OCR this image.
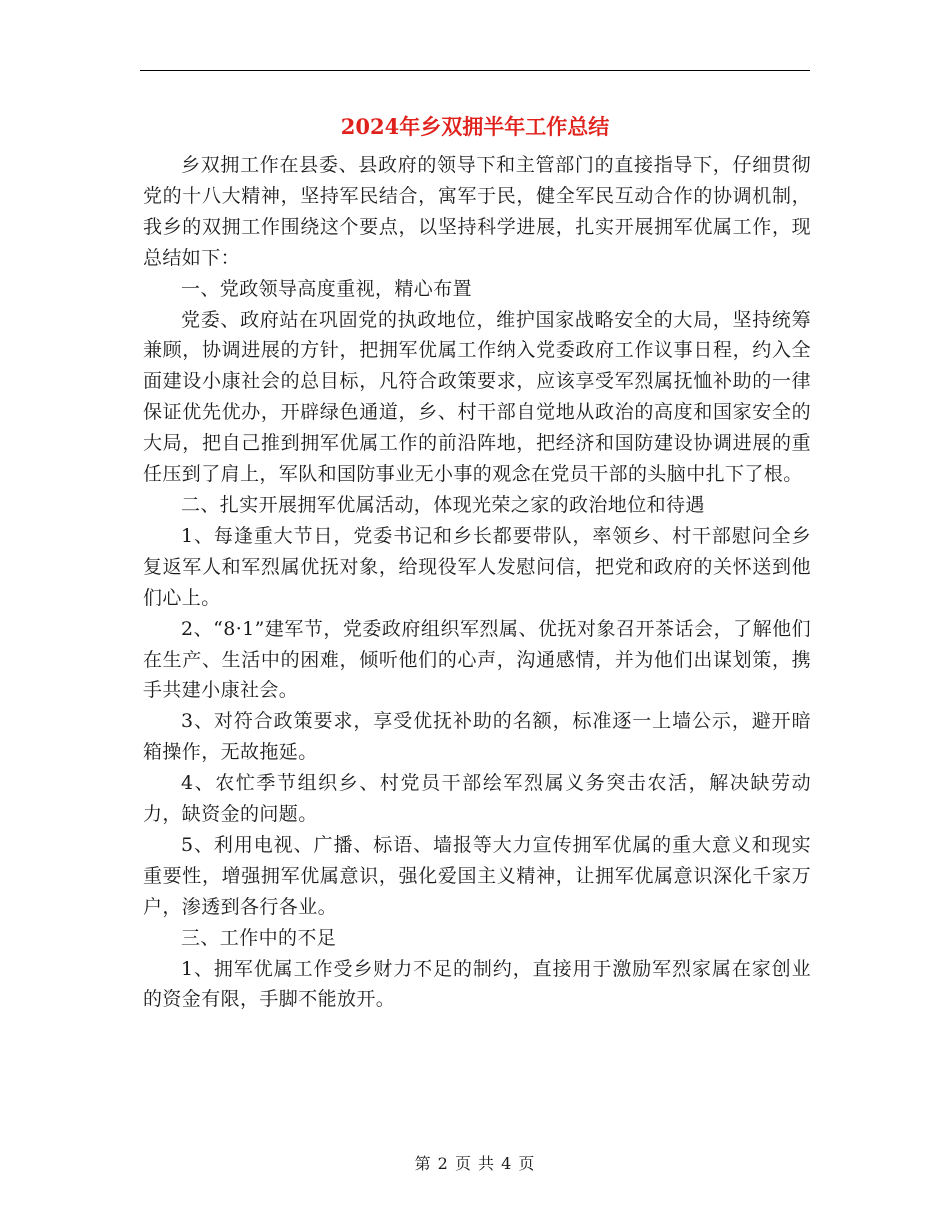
2024年乡双拥半年工作总结

乡双拥工作在县委、县政府的领导下和主管部门的直接指导下，仔细贯彻党的十八大精神，坚持军民结合，寓军于民，健全军民互动合作的协调机制，我乡的双拥工作围绕这个要点，以坚持科学进展，扎实开展拥军优属工作，现总结如下：

一、党政领导高度重视，精心布置

党委、政府站在巩固党的执政地位，维护国家战略安全的大局，坚持统筹兼顾，协调进展的方针，把拥军优属工作纳入党委政府工作议事日程，约入全面建设小康社会的总目标，凡符合政策要求，应该享受军烈属抚恤补助的一律保证优先优办，开辟绿色通道，乡、村干部自觉地从政治的高度和国家安全的大局，把自己推到拥军优属工作的前沿阵地，把经济和国防建设协调进展的重任压到了肩上，军队和国防事业无小事的观念在党员干部的头脑中扎下了根。

二、扎实开展拥军优属活动，体现光荣之家的政治地位和待遇

1、每逢重大节日，党委书记和乡长都要带队，率领乡、村干部慰问全乡复返军人和军烈属优抚对象，给现役军人发慰问信，把党和政府的关怀送到他们心上。

2、“8·1”建军节，党委政府组织军烈属、优抚对象召开茶话会，了解他们在生产、生活中的困难，倾听他们的心声，沟通感情，并为他们出谋划策，携手共建小康社会。

3、对符合政策要求，享受优抚补助的名额，标准逐一上墙公示，避开暗箱操作，无故拖延。

4、农忙季节组织乡、村党员干部绘军烈属义务突击农活，解决缺劳动力，缺资金的问题。

5、利用电视、广播、标语、墙报等大力宣传拥军优属的重大意义和现实重要性，增强拥军优属意识，强化爱国主义精神，让拥军优属意识深化千家万户，渗透到各行各业。

三、工作中的不足

1、拥军优属工作受乡财力不足的制约，直接用于激励军烈家属在家创业的资金有限，手脚不能放开。

第 2 页 共 4 页
